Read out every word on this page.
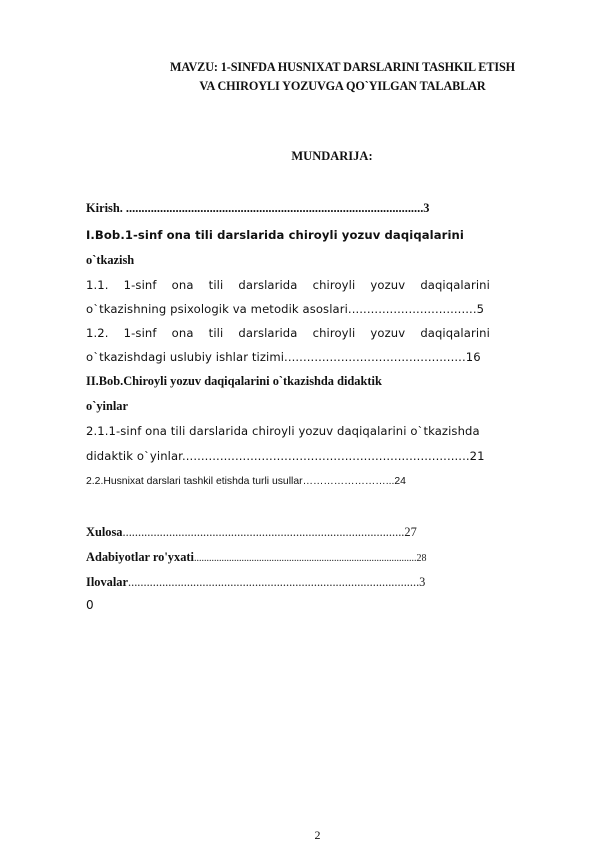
MAVZU: 1-SINFDA HUSNIXAT DARSLARINI TASHKIL ETISH
VA CHIROYLI YOZUVGA QO`YILGAN TALABLAR
MUNDARIJA:
Kirish. ................................................................................................3
I.Bob.1-sinf ona tili darslarida chiroyli yozuv daqiqalarini
o`tkazish
1.1. 1-sinf ona tili darslarida chiroyli yozuv daqiqalarini
o`tkazishning psixologik va metodik asoslari..................................5
1.2. 1-sinf ona tili darslarida chiroyli yozuv daqiqalarini
o`tkazishdagi uslubiy ishlar tizimi................................................16
II.Bob.Chiroyli yozuv daqiqalarini o`tkazishda didaktik
o`yinlar
2.1.1-sinf ona tili darslarida chiroyli yozuv daqiqalarini o`tkazishda
didaktik o`yinlar............................................................................21
2.2.Husnixat darslari tashkil etishda turli usullar……………………...24
Xulosa...........................................................................................27
Adabiyotlar ro'yxati.........................................................................................28
Ilovalar..............................................................................................3
0
2
